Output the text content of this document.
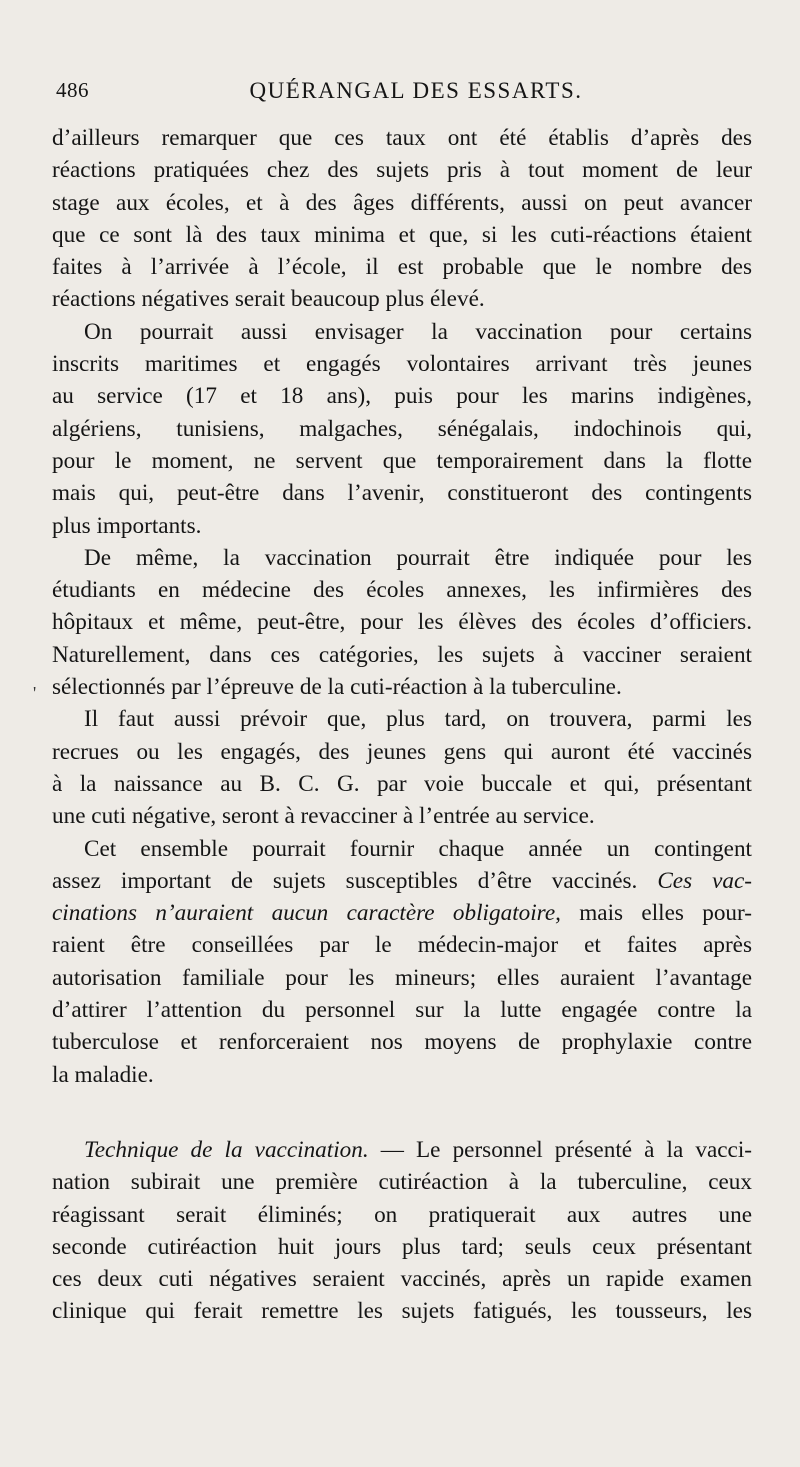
486	QUÉRANGAL DES ESSARTS.
'

d’ailleurs remarquer que ces taux ont été établis d’après des
réactions pratiquées chez des sujets pris à tout moment de leur
stage aux écoles, et à des âges différents, aussi on peut avancer
que ce sont là des taux minima et que, si les cuti-réactions étaient
faites à l’arrivée à l’école, il est probable que le nombre des
réactions négatives serait beaucoup plus élevé.

On pourrait aussi envisager la vaccination pour certains
inscrits maritimes et engagés volontaires arrivant très jeunes
au service (17 et 18 ans), puis pour les marins indigènes,
algériens, tunisiens, malgaches, sénégalais, indochinois qui,
pour le moment, ne servent que temporairement dans la flotte
mais qui, peut-être dans l’avenir, constitueront des contingents
plus importants.

De même, la vaccination pourrait être indiquée pour les
étudiants en médecine des écoles annexes, les infirmières des
hôpitaux et même, peut-être, pour les élèves des écoles d’officiers.
Naturellement, dans ces catégories, les sujets à vacciner seraient
sélectionnés par l’épreuve de la cuti-réaction à la tuberculine.

Il faut aussi prévoir que, plus tard, on trouvera, parmi les
recrues ou les engagés, des jeunes gens qui auront été vaccinés
à la naissance au B. C. G. par voie buccale et qui, présentant
une cuti négative, seront à revacciner à l’entrée au service.

Cet ensemble pourrait fournir chaque année un contingent
assez important de sujets susceptibles d’être vaccinés. Ces vac-
cinations n’auraient aucun caractère obligatoire, mais elles pour-
raient être conseillées par le médecin-major et faites après
autorisation familiale pour les mineurs; elles auraient l’avantage
d’attirer l’attention du personnel sur la lutte engagée contre la
tuberculose et renforceraient nos moyens de prophylaxie contre
la maladie.

Technique de la vaccination. — Le personnel présenté à la vacci-
nation subirait une première cutiréaction à la tuberculine, ceux
réagissant serait éliminés; on pratiquerait aux autres une
seconde cutiréaction huit jours plus tard; seuls ceux présentant
ces deux cuti négatives seraient vaccinés, après un rapide examen
clinique qui ferait remettre les sujets fatigués, les tousseurs, les
